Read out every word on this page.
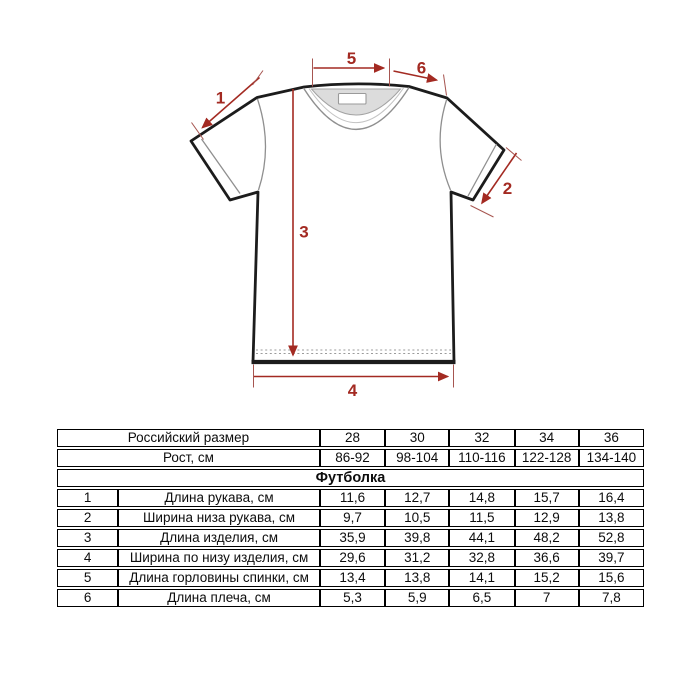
1
2
3
4
5	6
Российский размер		28	30	32	34	36
Рост, см		86-92	98-104	110-116	122-128	134-140
Футболка						
1	Длина рукава, см	11,6	12,7	14,8	15,7	16,4
2	Ширина низа рукава, см	9,7	10,5	11,5	12,9	13,8
3	Длина изделия, см	35,9	39,8	44,1	48,2	52,8
4	Ширина по низу изделия, см	29,6	31,2	32,8	36,6	39,7
5	Длина горловины спинки, см	13,4	13,8	14,1	15,2	15,6
6	Длина плеча, см	5,3	5,9	6,5	7	7,8
